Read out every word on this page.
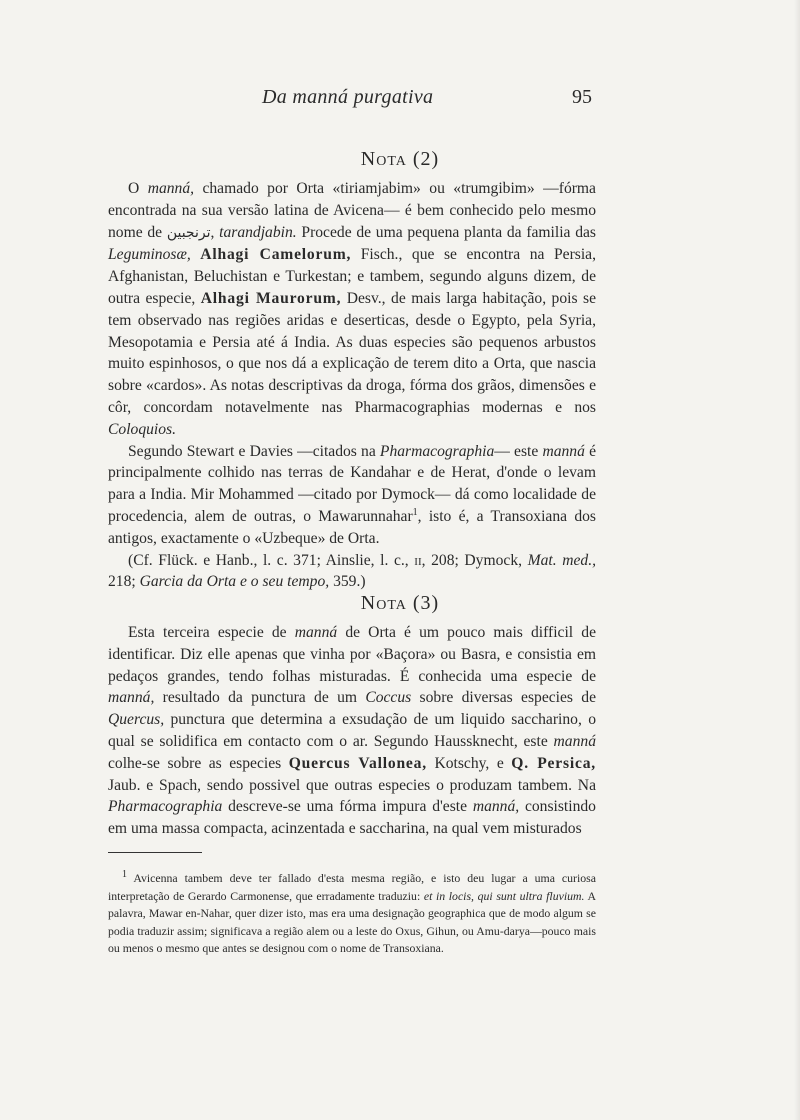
Da manná purgativa	95
Nota (2)

O manná, chamado por Orta «tiriamjabim» ou «trumgibim» —fórma encontrada na sua versão latina de Avicena— é bem conhecido pelo mesmo nome de ترنجبين, tarandjabin. Procede de uma pequena planta da familia das Leguminosæ, Alhagi Camelorum, Fisch., que se encontra na Persia, Afghanistan, Beluchistan e Turkestan; e tambem, segundo alguns dizem, de outra especie, Alhagi Maurorum, Desv., de mais larga habitação, pois se tem observado nas regiões aridas e deserticas, desde o Egypto, pela Syria, Mesopotamia e Persia até á India. As duas especies são pequenos arbustos muito espinhosos, o que nos dá a explicação de terem dito a Orta, que nascia sobre «cardos». As notas descriptivas da droga, fórma dos grãos, dimensões e côr, concordam notavelmente nas Pharmacographias modernas e nos Coloquios.

Segundo Stewart e Davies —citados na Pharmacographia— este manná é principalmente colhido nas terras de Kandahar e de Herat, d'onde o levam para a India. Mir Mohammed —citado por Dymock— dá como localidade de procedencia, alem de outras, o Mawarunnahar$^1$, isto é, a Transoxiana dos antigos, exactamente o «Uzbeque» de Orta.

(Cf. Flück. e Hanb., l. c. 371; Ainslie, l. c., ii, 208; Dymock, Mat. med., 218; Garcia da Orta e o seu tempo, 359.)

Nota (3)

Esta terceira especie de manná de Orta é um pouco mais difficil de identificar. Diz elle apenas que vinha por «Baçora» ou Basra, e consistia em pedaços grandes, tendo folhas misturadas. É conhecida uma especie de manná, resultado da punctura de um Coccus sobre diversas especies de Quercus, punctura que determina a exsudação de um liquido saccharino, o qual se solidifica em contacto com o ar. Segundo Haussknecht, este manná colhe-se sobre as especies Quercus Vallonea, Kotschy, e Q. Persica, Jaub. e Spach, sendo possivel que outras especies o produzam tambem. Na Pharmacographia descreve-se uma fórma impura d'este manná, consistindo em uma massa compacta, acinzentada e saccharina, na qual vem misturados

$^1$ Avicenna tambem deve ter fallado d'esta mesma região, e isto deu lugar a uma curiosa interpretação de Gerardo Carmonense, que erradamente traduziu: et in locis, qui sunt ultra fluvium. A palavra, Mawar en-Nahar, quer dizer isto, mas era uma designação geographica que de modo algum se podia traduzir assim; significava a região alem ou a leste do Oxus, Gihun, ou Amu-darya—pouco mais ou menos o mesmo que antes se designou com o nome de Transoxiana.
